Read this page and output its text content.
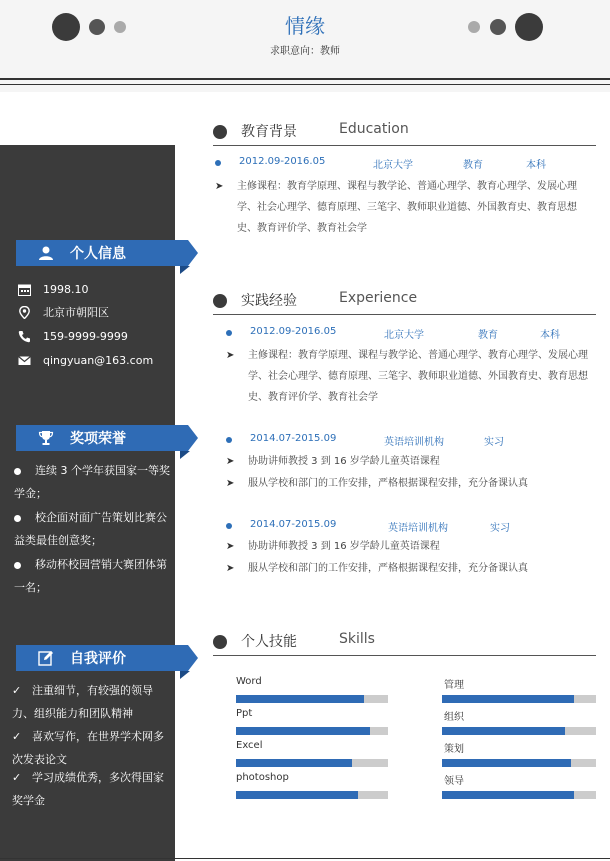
情缘
求职意向：教师
个人信息
1998.10
北京市朝阳区
159-9999-9999
qingyuan@163.com
奖项荣誉
连续 3 个学年获国家一等奖学金；
校企面对面广告策划比赛公益类最佳创意奖；
移动杯校园营销大赛团体第一名；
自我评价
✓ 注重细节，有较强的领导力、组织能力和团队精神
✓ 喜欢写作，在世界学术网多次发表论文
✓ 学习成绩优秀，多次得国家奖学金
教育背景	Education
2012.09-2016.05	北京大学	教育	本科
➤ 主修课程：教育学原理、课程与教学论、普通心理学、教育心理学、发展心理学、社会心理学、德育原理、三笔字、教师职业道德、外国教育史、教育思想史、教育评价学、教育社会学
实践经验	Experience
2012.09-2016.05	北京大学	教育	本科
➤ 主修课程：教育学原理、课程与教学论、普通心理学、教育心理学、发展心理学、社会心理学、德育原理、三笔字、教师职业道德、外国教育史、教育思想史、教育评价学、教育社会学
2014.07-2015.09	英语培训机构	实习
➤ 协助讲师教授 3 到 16 岁学龄儿童英语课程
➤ 服从学校和部门的工作安排，严格根据课程安排，充分备课认真
2014.07-2015.09	英语培训机构	实习
➤ 协助讲师教授 3 到 16 岁学龄儿童英语课程
➤ 服从学校和部门的工作安排，严格根据课程安排，充分备课认真
个人技能	Skills
Word
Ppt
Excel
photoshop
管理
组织
策划
领导
